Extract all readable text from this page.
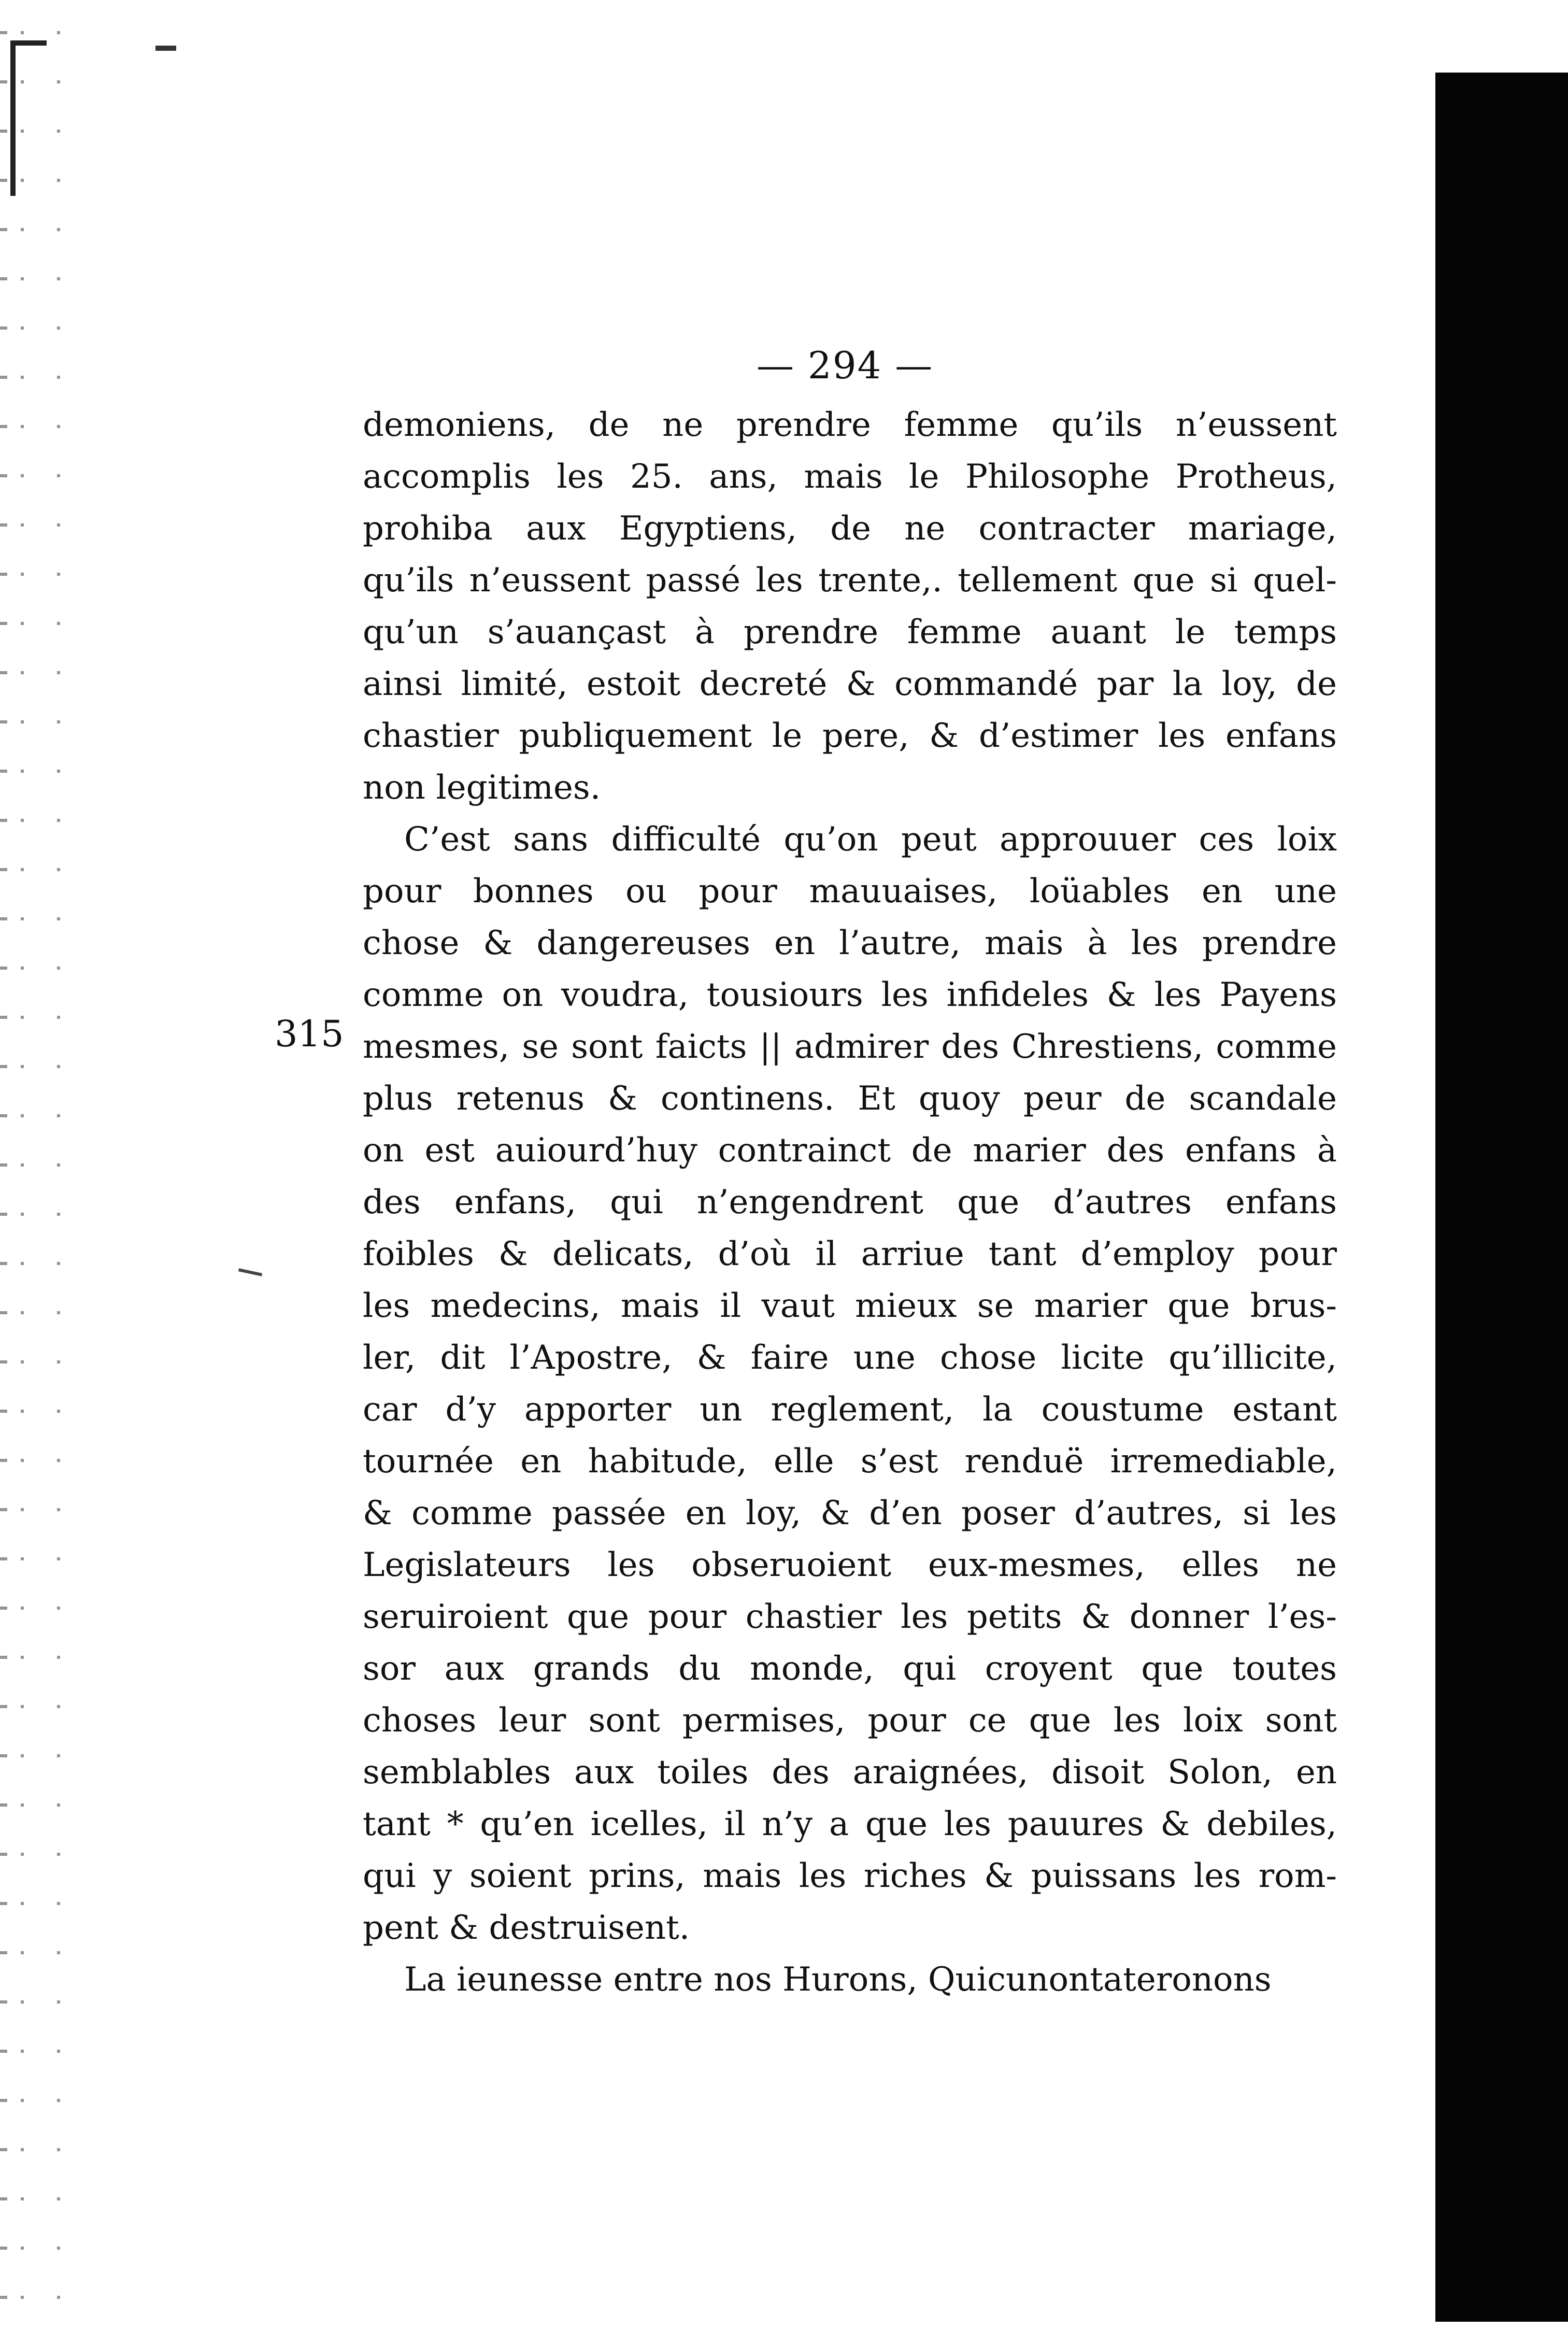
— 294 —
315
demoniens, de ne prendre femme qu’ils n’eussent
accomplis les 25. ans, mais le Philosophe Protheus,
prohiba aux Egyptiens, de ne contracter mariage,
qu’ils n’eussent passé les trente,. tellement que si quel-
qu’un s’auançast à prendre femme auant le temps
ainsi limité, estoit decreté & commandé par la loy, de
chastier publiquement le pere, & d’estimer les enfans
non legitimes.
C’est sans difficulté qu’on peut approuuer ces loix
pour bonnes ou pour mauuaises, loüables en une
chose & dangereuses en l’autre, mais à les prendre
comme on voudra, tousiours les infideles & les Payens
mesmes, se sont faicts || admirer des Chrestiens, comme
plus retenus & continens. Et quoy peur de scandale
on est auiourd’huy contrainct de marier des enfans à
des enfans, qui n’engendrent que d’autres enfans
foibles & delicats, d’où il arriue tant d’employ pour
les medecins, mais il vaut mieux se marier que brus-
ler, dit l’Apostre, & faire une chose licite qu’illicite,
car d’y apporter un reglement, la coustume estant
tournée en habitude, elle s’est renduë irremediable,
& comme passée en loy, & d’en poser d’autres, si les
Legislateurs les obseruoient eux-mesmes, elles ne
seruiroient que pour chastier les petits & donner l’es-
sor aux grands du monde, qui croyent que toutes
choses leur sont permises, pour ce que les loix sont
semblables aux toiles des araignées, disoit Solon, en
tant * qu’en icelles, il n’y a que les pauures & debiles,
qui y soient prins, mais les riches & puissans les rom-
pent & destruisent.
La ieunesse entre nos Hurons, Quicunontateronons
